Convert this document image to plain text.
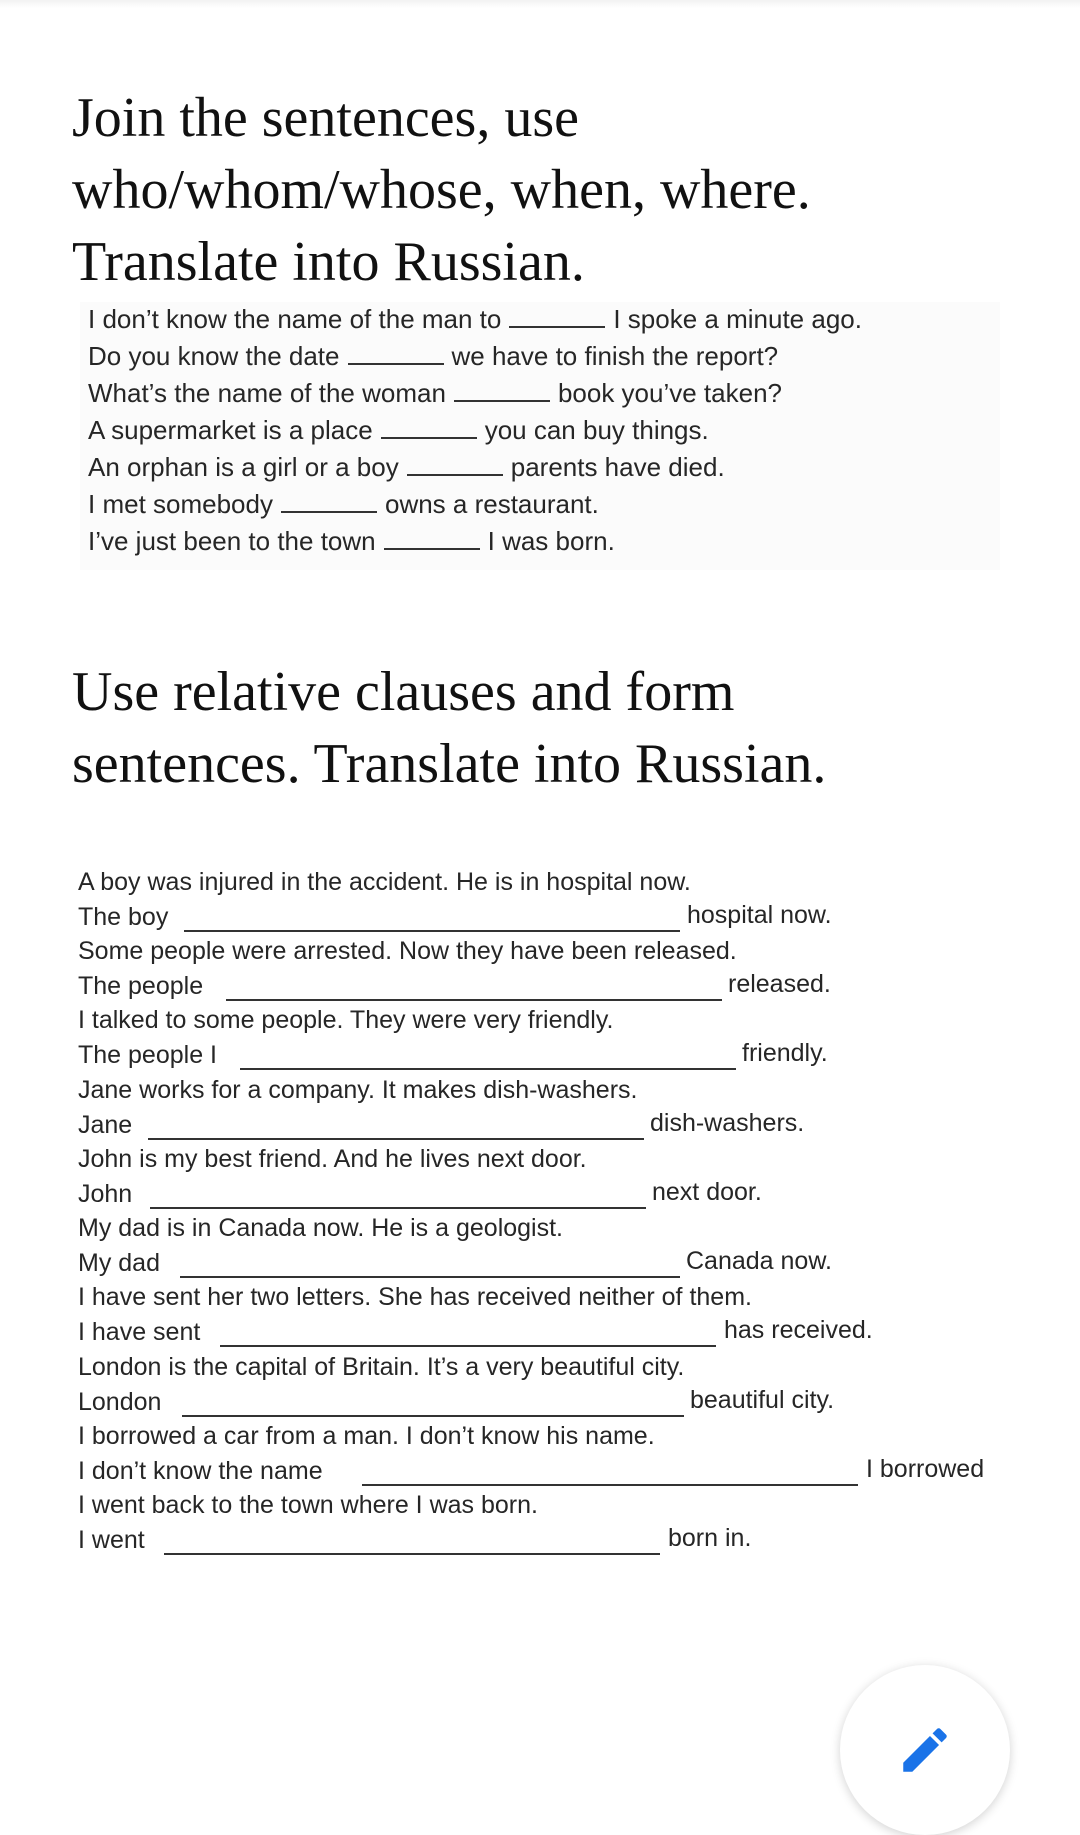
Join the sentences, use
who/whom/whose, when, where.
Translate into Russian.
I don’t know the name of the man to	I spoke a minute ago.
Do you know the date	we have to finish the report?
What’s the name of the woman	book you’ve taken?
A supermarket is a place	you can buy things.
An orphan is a girl or a boy	parents have died.
I met somebody	owns a restaurant.
I’ve just been to the town	I was born.
Use relative clauses and form
sentences. Translate into Russian.
A boy was injured in the accident. He is in hospital now.
The boy	hospital now.
Some people were arrested. Now they have been released.
The people	released.
I talked to some people. They were very friendly.
The people I	friendly.
Jane works for a company. It makes dish-washers.
Jane	dish-washers.
John is my best friend. And he lives next door.
John	next door.
My dad is in Canada now. He is a geologist.
My dad	Canada now.
I have sent her two letters. She has received neither of them.
I have sent	has received.
London is the capital of Britain. It’s a very beautiful city.
London	beautiful city.
I borrowed a car from a man. I don’t know his name.
I don’t know the name	I borrowed
I went back to the town where I was born.
I went	born in.
